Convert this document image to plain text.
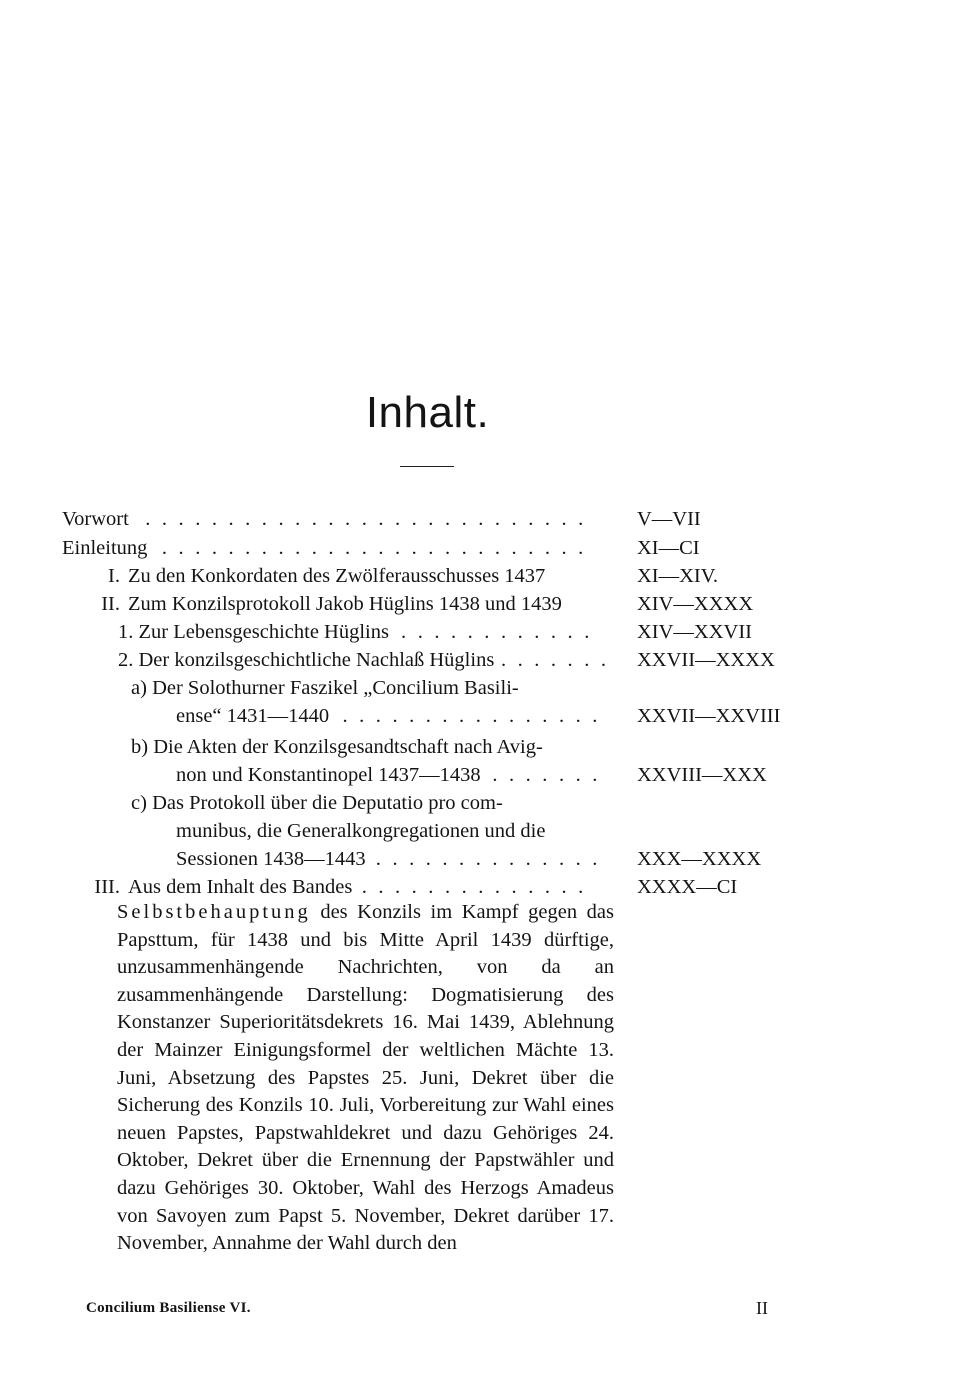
Inhalt.
Vorwort . . .	V—VII
Einleitung . . .	XI—CI
I. Zu den Konkordaten des Zwölferausschusses 1437	XI—XIV.
II. Zum Konzilsprotokoll Jakob Hüglins 1438 und 1439	XIV—XXXX
1. Zur Lebensgeschichte Hüglins . . .	XIV—XXVII
2. Der konzilsgeschichtliche Nachlaß Hüglins . . .	XXVII—XXXX
a) Der Solothurner Faszikel „Concilium Basili-
ense“ 1431—1440 . . .	XXVII—XXVIII
b) Die Akten der Konzilsgesandtschaft nach Avig-
non und Konstantinopel 1437—1438 . . .	XXVIII—XXX
c) Das Protokoll über die Deputatio pro com-
munibus, die Generalkongregationen und die
Sessionen 1438—1443 . . .	XXX—XXXX
III. Aus dem Inhalt des Bandes . . .	XXXX—CI
Selbstbehauptung des Konzils im Kampf gegen das Papsttum, für 1438 und bis Mitte April 1439 dürftige, unzusammenhängende Nachrichten, von da an zusammenhängende Darstellung: Dogmatisierung des Konstanzer Superioritätsdekrets 16. Mai 1439, Ablehnung der Mainzer Einigungsformel der weltlichen Mächte 13. Juni, Absetzung des Papstes 25. Juni, Dekret über die Sicherung des Konzils 10. Juli, Vorbereitung zur Wahl eines neuen Papstes, Papstwahldekret und dazu Gehöriges 24. Oktober, Dekret über die Ernennung der Papstwähler und dazu Gehöriges 30. Oktober, Wahl des Herzogs Amadeus von Savoyen zum Papst 5. November, Dekret darüber 17. November, Annahme der Wahl durch den
Concilium Basiliense VI.	II
